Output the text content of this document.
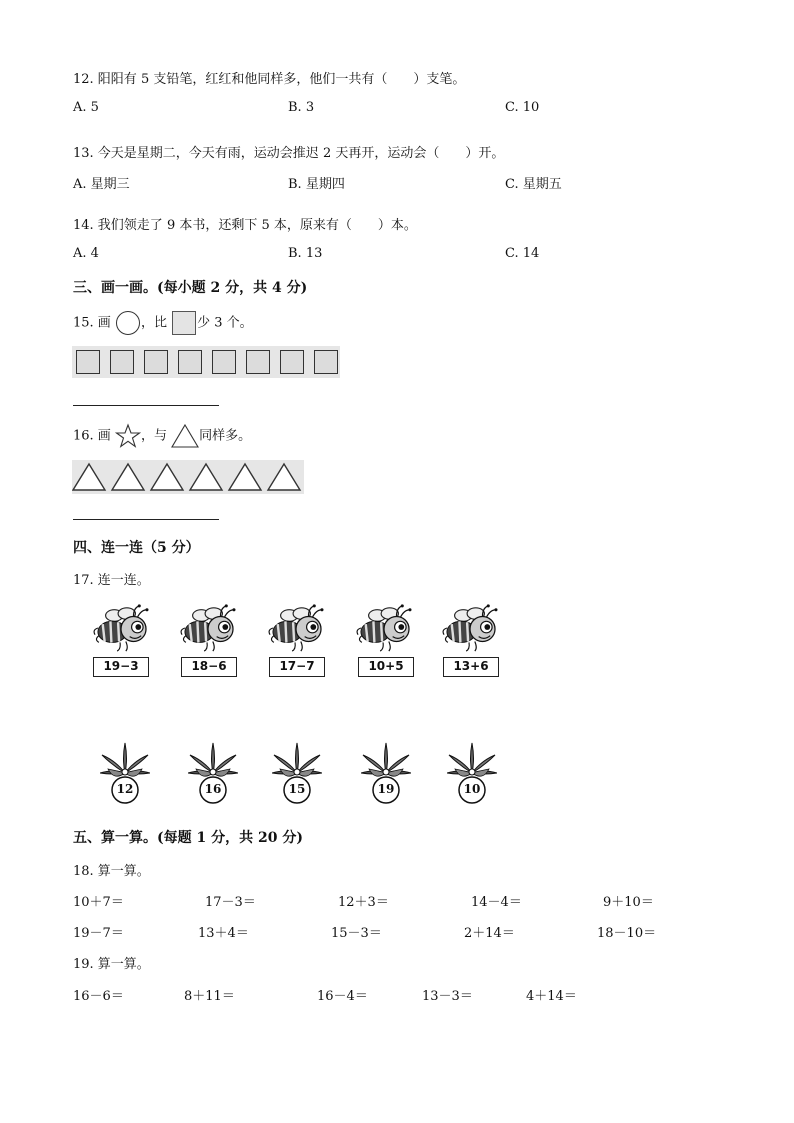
12. 阳阳有 5 支铅笔，红红和他同样多，他们一共有（　　）支笔。
A. 5	B. 3	C. 10
13. 今天是星期二，今天有雨，运动会推迟 2 天再开，运动会（　　）开。
A. 星期三	B. 星期四	C. 星期五
14. 我们领走了 9 本书，还剩下 5 本，原来有（　　）本。
A. 4	B. 13	C. 14
三、画一画。(每小题 2 分，共 4 分)
15. 画 ，比 少 3 个。
16. 画 ，与 同样多。
四、连一连（5 分）
17. 连一连。
19−3	18−6	17−7	10+5	13+6
12	16	15	19	10
五、算一算。(每题 1 分，共 20 分)
18. 算一算。
10＋7＝	17－3＝	12＋3＝	14－4＝	9＋10＝
19－7＝	13＋4＝	15－3＝	2＋14＝	18－10＝
19. 算一算。
16－6＝	8＋11＝	16－4＝	13－3＝	4＋14＝
